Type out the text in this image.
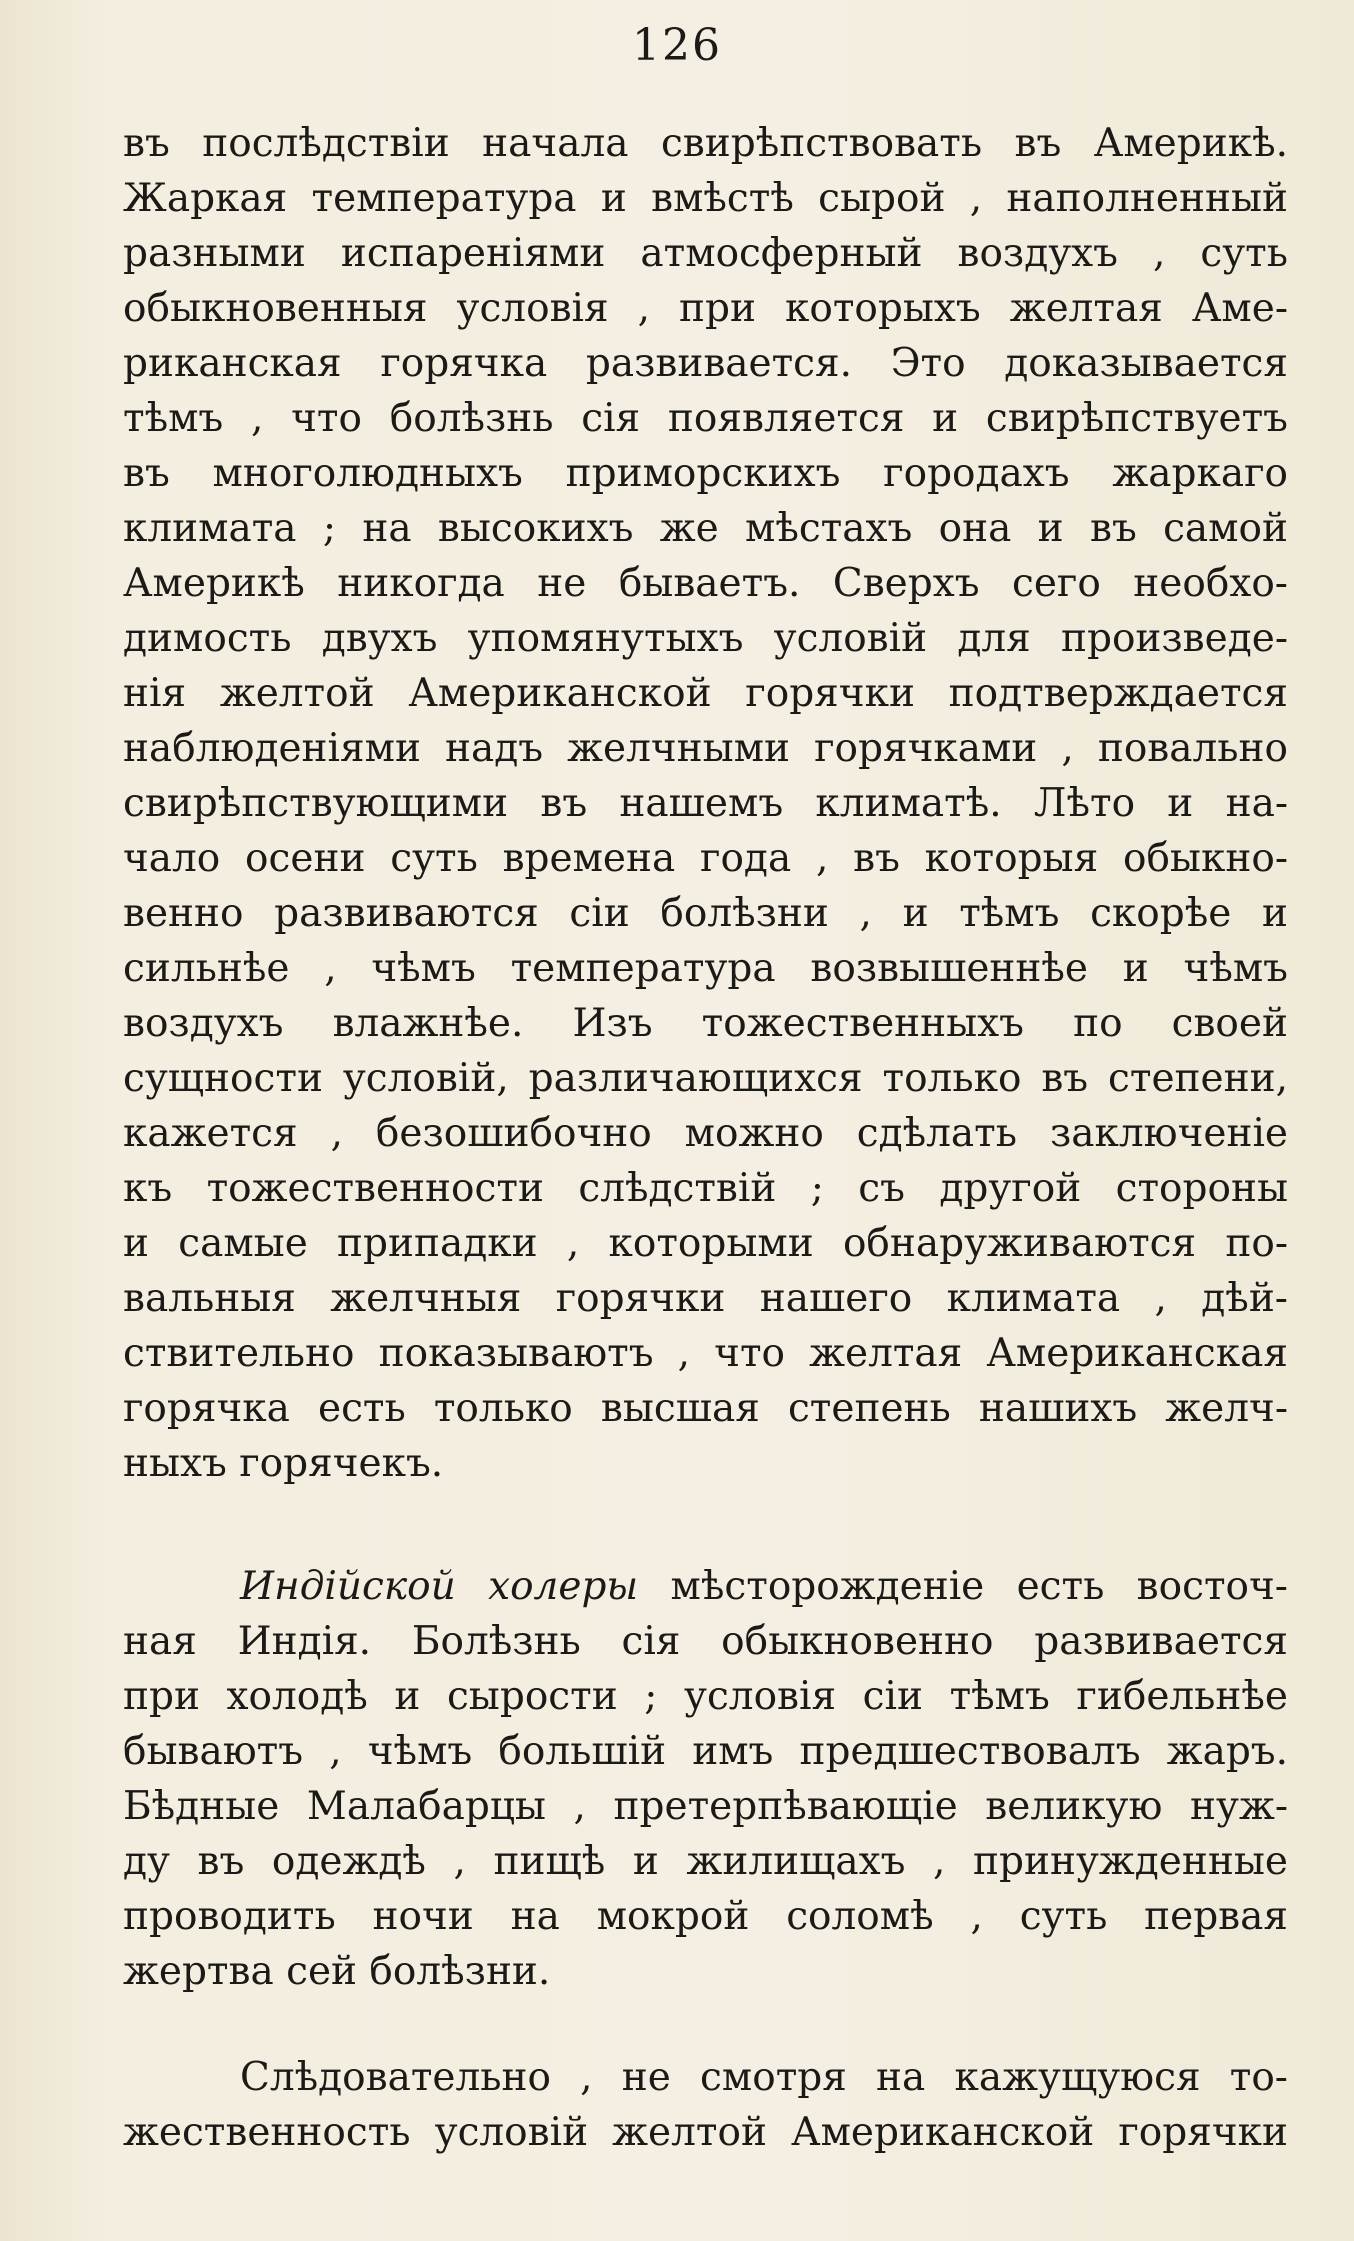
126
въ послѣдствіи начала свирѣпствовать въ Америкѣ.
Жаркая температура и вмѣстѣ сырой , наполненный
разными испареніями атмосферный воздухъ , суть
обыкновенныя условія , при которыхъ желтая Аме-
риканская горячка развивается. Это доказывается
тѣмъ , что болѣзнь сія появляется и свирѣпствуетъ
въ многолюдныхъ приморскихъ городахъ жаркаго
климата ; на высокихъ же мѣстахъ она и въ самой
Америкѣ никогда не бываетъ. Сверхъ сего необхо-
димость двухъ упомянутыхъ условій для произведе-
нія желтой Американской горячки подтверждается
наблюденіями надъ желчными горячками , повально
свирѣпствующими въ нашемъ климатѣ. Лѣто и на-
чало осени суть времена года , въ которыя обыкно-
венно развиваются сіи болѣзни , и тѣмъ скорѣе и
сильнѣе , чѣмъ температура возвышеннѣе и чѣмъ
воздухъ влажнѣе. Изъ тожественныхъ по своей
сущности условій, различающихся только въ степени,
кажется , безошибочно можно сдѣлать заключеніе
къ тожественности слѣдствій ; съ другой стороны
и самые припадки , которыми обнаруживаются по-
вальныя желчныя горячки нашего климата , дѣй-
ствительно показываютъ , что желтая Американская
горячка есть только высшая степень нашихъ желч-
ныхъ горячекъ.
Индійской холеры мѣсторожденіе есть восточ-
ная Индія. Болѣзнь сія обыкновенно развивается
при холодѣ и сырости ; условія сіи тѣмъ гибельнѣе
бываютъ , чѣмъ большій имъ предшествовалъ жаръ.
Бѣдные Малабарцы , претерпѣвающіе великую нуж-
ду въ одеждѣ , пищѣ и жилищахъ , принужденные
проводить ночи на мокрой соломѣ , суть первая
жертва сей болѣзни.
Слѣдовательно , не смотря на кажущуюся то-
жественность условій желтой Американской горячки
